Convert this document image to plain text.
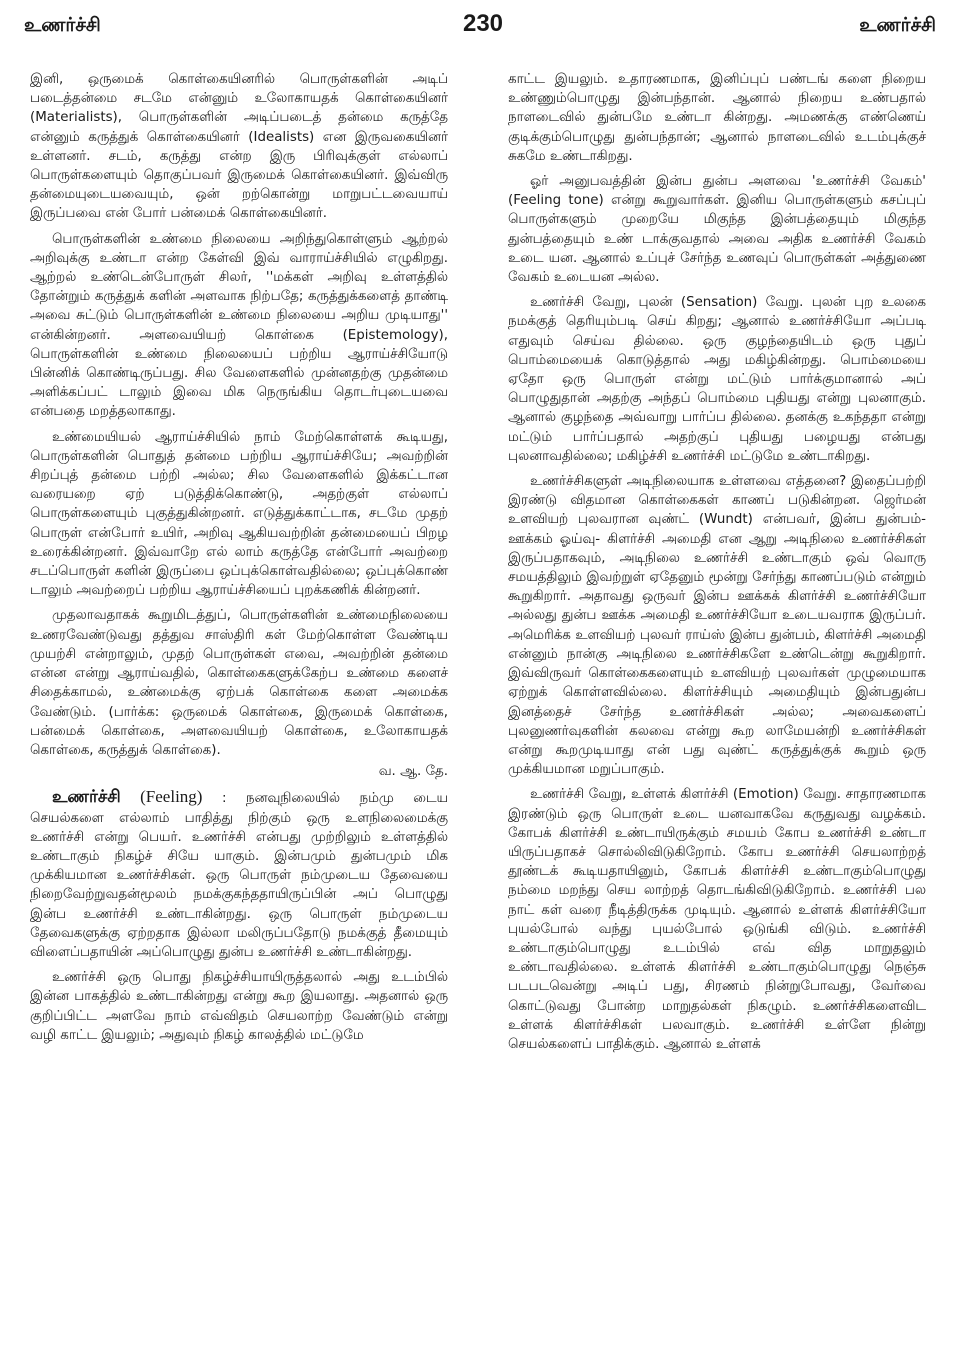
உணர்ச்சி	230	உணர்ச்சி

இனி, ஒருமைக் கொள்கையினரில் பொருள்களின் அடிப் படைத்தன்மை சடமே என்னும் உலோகாயதக் கொள்கையினர் (Materialists), பொருள்களின் அடிப்படைத் தன்மை கருத்தே என்னும் கருத்துக் கொள்கையினர் (Idealists) என இருவகையினர் உள்ளனர். சடம், கருத்து என்ற இரு பிரிவுக்குள் எல்லாப் பொருள்களையும் தொகுப்பவர் இருமைக் கொள்கையினர். இவ்விரு தன்மையுடையவையும், ஒன் றற்கொன்று மாறுபட்டவையாய் இருப்பவை என் போர் பன்மைக் கொள்கையினர்.

பொருள்களின் உண்மை நிலையை அறிந்துகொள்ளும் ஆற்றல் அறிவுக்கு உண்டா என்ற கேள்வி இவ் வாராய்ச்சியில் எழுகிறது. ஆற்றல் உண்டென்போருள் சிலர், ''மக்கள் அறிவு உள்ளத்தில் தோன்றும் கருத்துக் களின் அளவாக நிற்பதே; கருத்துக்களைத் தாண்டி அவை சுட்டும் பொருள்களின் உண்மை நிலையை அறிய முடியாது'' என்கின்றனர். அளவையியற் கொள்கை (Epistemology), பொருள்களின் உண்மை நிலையைப் பற்றிய ஆராய்ச்சியோடு பின்னிக் கொண்டிருப்பது. சில வேளைகளில் முன்னதற்கு முதன்மை அளிக்கப்பட் டாலும் இவை மிக நெருங்கிய தொடர்புடையவை என்பதை மறத்தலாகாது.

உண்மையியல் ஆராய்ச்சியில் நாம் மேற்கொள்ளக் கூடியது, பொருள்களின் பொதுத் தன்மை பற்றிய ஆராய்ச்சியே; அவற்றின் சிறப்புத் தன்மை பற்றி அல்ல; சில வேளைகளில் இக்கட்டான வரையறை ஏற் படுத்திக்கொண்டு, அதற்குள் எல்லாப் பொருள்களையும் புகுத்துகின்றனர். எடுத்துக்காட்டாக, சடமே முதற் பொருள் என்போர் உயிர், அறிவு ஆகியவற்றின் தன்மையைப் பிறழ உரைக்கின்றனர். இவ்வாறே எல் லாம் கருத்தே என்போர் அவற்றை சடப்பொருள் களின் இருப்பை ஒப்புக்கொள்வதில்லை; ஒப்புக்கொண் டாலும் அவற்றைப் பற்றிய ஆராய்ச்சியைப் புறக்கணிக் கின்றனர்.

முதலாவதாகக் கூறுமிடத்துப், பொருள்களின் உண்மைநிலையை உணரவேண்டுவது தத்துவ சாஸ்திரி கள் மேற்கொள்ள வேண்டிய முயற்சி என்றாலும், முதற் பொருள்கள் எவை, அவற்றின் தன்மை என்ன என்று ஆராய்வதில், கொள்கைகளுக்கேற்ப உண்மை களைச் சிதைக்காமல், உண்மைக்கு ஏற்பக் கொள்கை களை அமைக்க வேண்டும். (பார்க்க: ஒருமைக் கொள்கை, இருமைக் கொள்கை, பன்மைக் கொள்கை, அளவையியற் கொள்கை, உலோகாயதக் கொள்கை, கருத்துக் கொள்கை).

வ. ஆ. தே.

உணர்ச்சி (Feeling) : நனவுநிலையில் நம்மு டைய செயல்களை எல்லாம் பாதித்து நிற்கும் ஒரு உளநிலைமைக்கு உணர்ச்சி என்று பெயர். உணர்ச்சி என்பது முற்றிலும் உள்ளத்தில் உண்டாகும் நிகழ்ச் சியே யாகும். இன்பமும் துன்பமும் மிக முக்கியமான உணர்ச்சிகள். ஒரு பொருள் நம்முடைய தேவையை நிறைவேற்றுவதன்மூலம் நமக்குகந்ததாயிருப்பின் அப் பொழுது இன்ப உணர்ச்சி உண்டாகின்றது. ஒரு பொருள் நம்முடைய தேவைகளுக்கு ஏற்றதாக இல்லா மலிருப்பதோடு நமக்குத் தீமையும் விளைப்பதாயின் அப்பொழுது துன்ப உணர்ச்சி உண்டாகின்றது.

உணர்ச்சி ஒரு பொது நிகழ்ச்சியாயிருத்தலால் அது உடம்பில் இன்ன பாகத்தில் உண்டாகின்றது என்று கூற இயலாது. அதனால் ஒரு குறிப்பிட்ட அளவே நாம் எவ்விதம் செயலாற்ற வேண்டும் என்று வழி காட்ட இயலும்; அதுவும் நிகழ் காலத்தில் மட்டுமே

காட்ட இயலும். உதாரணமாக, இனிப்புப் பண்டங் களை நிறைய உண்ணும்பொழுது இன்பந்தான். ஆனால் நிறைய உண்பதால் நாளடைவில் துன்பமே உண்டா கின்றது. அமணக்கு எண்ணெய் குடிக்கும்பொழுது துன்பந்தான்; ஆனால் நாளடைவில் உடம்புக்குச் சுகமே உண்டாகிறது.

ஓர் அனுபவத்தின் இன்ப துன்ப அளவை 'உணர்ச்சி வேகம்' (Feeling tone) என்று கூறுவார்கள். இனிய பொருள்களும் கசப்புப் பொருள்களும் முறையே மிகுந்த இன்பத்தையும் மிகுந்த துன்பத்தையும் உண் டாக்குவதால் அவை அதிக உணர்ச்சி வேகம் உடை யன. ஆனால் உப்புச் சேர்ந்த உணவுப் பொருள்கள் அத்துணை வேகம் உடையன அல்ல.

உணர்ச்சி வேறு, புலன் (Sensation) வேறு. புலன் புற உலகை நமக்குத் தெரியும்படி செய் கிறது; ஆனால் உணர்ச்சியோ அப்படி எதுவும் செய்வ தில்லை. ஒரு குழந்தையிடம் ஒரு புதுப் பொம்மையைக் கொடுத்தால் அது மகிழ்கின்றது. பொம்மையை ஏதோ ஒரு பொருள் என்று மட்டும் பார்க்குமானால் அப் பொழுதுதான் அதற்கு அந்தப் பொம்மை புதியது என்று புலனாகும். ஆனால் குழந்தை அவ்வாறு பார்ப்ப தில்லை. தனக்கு உகந்ததா என்று மட்டும் பார்ப்பதால் அதற்குப் புதியது பழையது என்பது புலனாவதில்லை; மகிழ்ச்சி உணர்ச்சி மட்டுமே உண்டாகிறது.

உணர்ச்சிகளுள் அடிநிலையாக உள்ளவை எத்தனை? இதைப்பற்றி இரண்டு விதமான கொள்கைகள் காணப் படுகின்றன. ஜெர்மன் உளவியற் புலவரான வுண்ட் (Wundt) என்பவர், இன்ப துன்பம்-ஊக்கம் ஓய்வு- கிளர்ச்சி அமைதி என ஆறு அடிநிலை உணர்ச்சிகள் இருப்பதாகவும், அடிநிலை உணர்ச்சி உண்டாகும் ஒவ் வொரு சமயத்திலும் இவற்றுள் ஏதேனும் மூன்று சேர்ந்து காணப்படும் என்றும் கூறுகிறார். அதாவது ஒருவர் இன்ப ஊக்கக் கிளர்ச்சி உணர்ச்சியோ அல்லது துன்ப ஊக்க அமைதி உணர்ச்சியோ உடையவராக இருப்பர். அமெரிக்க உளவியற் புலவர் ராய்ஸ் இன்ப துன்பம், கிளர்ச்சி அமைதி என்னும் நான்கு அடிநிலை உணர்ச்சிகளே உண்டென்று கூறுகிறார். இவ்விருவர் கொள்கைகளையும் உளவியற் புலவர்கள் முழுமையாக ஏற்றுக் கொள்ளவில்லை. கிளர்ச்சியும் அமைதியும் இன்பதுன்ப இனத்தைச் சேர்ந்த உணர்ச்சிகள் அல்ல; அவைகளைப் புலனுணர்வுகளின் கலவை என்று கூற லாமேயன்றி உணர்ச்சிகள் என்று கூறமுடியாது என் பது வுண்ட் கருத்துக்குக் கூறும் ஒரு முக்கியமான மறுப்பாகும்.

உணர்ச்சி வேறு, உள்ளக் கிளர்ச்சி (Emotion) வேறு. சாதாரணமாக இரண்டும் ஒரு பொருள் உடை யனவாகவே கருதுவது வழக்கம். கோபக் கிளர்ச்சி உண்டாயிருக்கும் சமயம் கோப உணர்ச்சி உண்டா யிருப்பதாகச் சொல்லிவிடுகிறோம். கோப உணர்ச்சி செயலாற்றத் தூண்டக் கூடியதாயினும், கோபக் கிளர்ச்சி உண்டாகும்பொழுது நம்மை மறந்து செய லாற்றத் தொடங்கிவிடுகிறோம். உணர்ச்சி பல நாட் கள் வரை நீடித்திருக்க முடியும். ஆனால் உள்ளக் கிளர்ச்சியோ புயல்போல் வந்து புயல்போல் ஒடுங்கி விடும். உணர்ச்சி உண்டாகும்பொழுது உடம்பில் எவ் வித மாறுதலும் உண்டாவதில்லை. உள்ளக் கிளர்ச்சி உண்டாகும்பொழுது நெஞ்சு படபடவென்று அடிப் பது, சிரணம் நின்றுபோவது, வேர்வை கொட்டுவது போன்ற மாறுதல்கள் நிகழும். உணர்ச்சிகளைவிட உள்ளக் கிளர்ச்சிகள் பலவாகும். உணர்ச்சி உள்ளே நின்று செயல்களைப் பாதிக்கும். ஆனால் உள்ளக்
